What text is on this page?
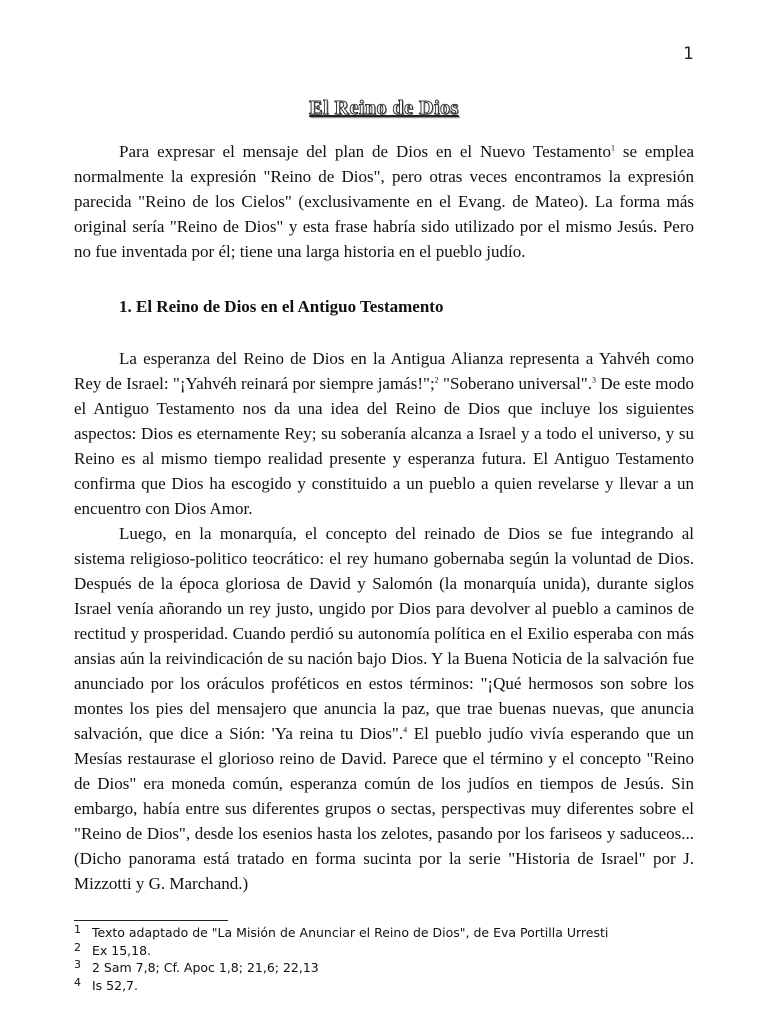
1
El Reino de Dios

Para expresar el mensaje del plan de Dios en el Nuevo Testamento$^1$ se emplea normalmente la expresión "Reino de Dios", pero otras veces encontramos la expresión parecida "Reino de los Cielos" (exclusivamente en el Evang. de Mateo). La forma más original sería "Reino de Dios" y esta frase habría sido utilizado por el mismo Jesús. Pero no fue inventada por él; tiene una larga historia en el pueblo judío.

1. El Reino de Dios en el Antiguo Testamento

La esperanza del Reino de Dios en la Antigua Alianza representa a Yahvéh como Rey de Israel: "¡Yahvéh reinará por siempre jamás!";$^2$ "Soberano universal".$^3$ De este modo el Antiguo Testamento nos da una idea del Reino de Dios que incluye los siguientes aspectos: Dios es eternamente Rey; su soberanía alcanza a Israel y a todo el universo, y su Reino es al mismo tiempo realidad presente y esperanza futura. El Antiguo Testamento confirma que Dios ha escogido y constituido a un pueblo a quien revelarse y llevar a un encuentro con Dios Amor.

Luego, en la monarquía, el concepto del reinado de Dios se fue integrando al sistema religioso-politico teocrático: el rey humano gobernaba según la voluntad de Dios. Después de la época gloriosa de David y Salomón (la monarquía unida), durante siglos Israel venía añorando un rey justo, ungido por Dios para devolver al pueblo a caminos de rectitud y prosperidad. Cuando perdió su autonomía política en el Exilio esperaba con más ansias aún la reivindicación de su nación bajo Dios. Y la Buena Noticia de la salvación fue anunciado por los oráculos proféticos en estos términos: "¡Qué hermosos son sobre los montes los pies del mensajero que anuncia la paz, que trae buenas nuevas, que anuncia salvación, que dice a Sión: 'Ya reina tu Dios".$^4$ El pueblo judío vivía esperando que un Mesías restaurase el glorioso reino de David. Parece que el término y el concepto "Reino de Dios" era moneda común, esperanza común de los judíos en tiempos de Jesús. Sin embargo, había entre sus diferentes grupos o sectas, perspectivas muy diferentes sobre el "Reino de Dios", desde los esenios hasta los zelotes, pasando por los fariseos y saduceos... (Dicho panorama está tratado en forma sucinta por la serie "Historia de Israel" por J. Mizzotti y G. Marchand.)

1 Texto adaptado de "La Misión de Anunciar el Reino de Dios", de Eva Portilla Urresti
2 Ex 15,18.
3 2 Sam 7,8; Cf. Apoc 1,8; 21,6; 22,13
4 Is 52,7.
